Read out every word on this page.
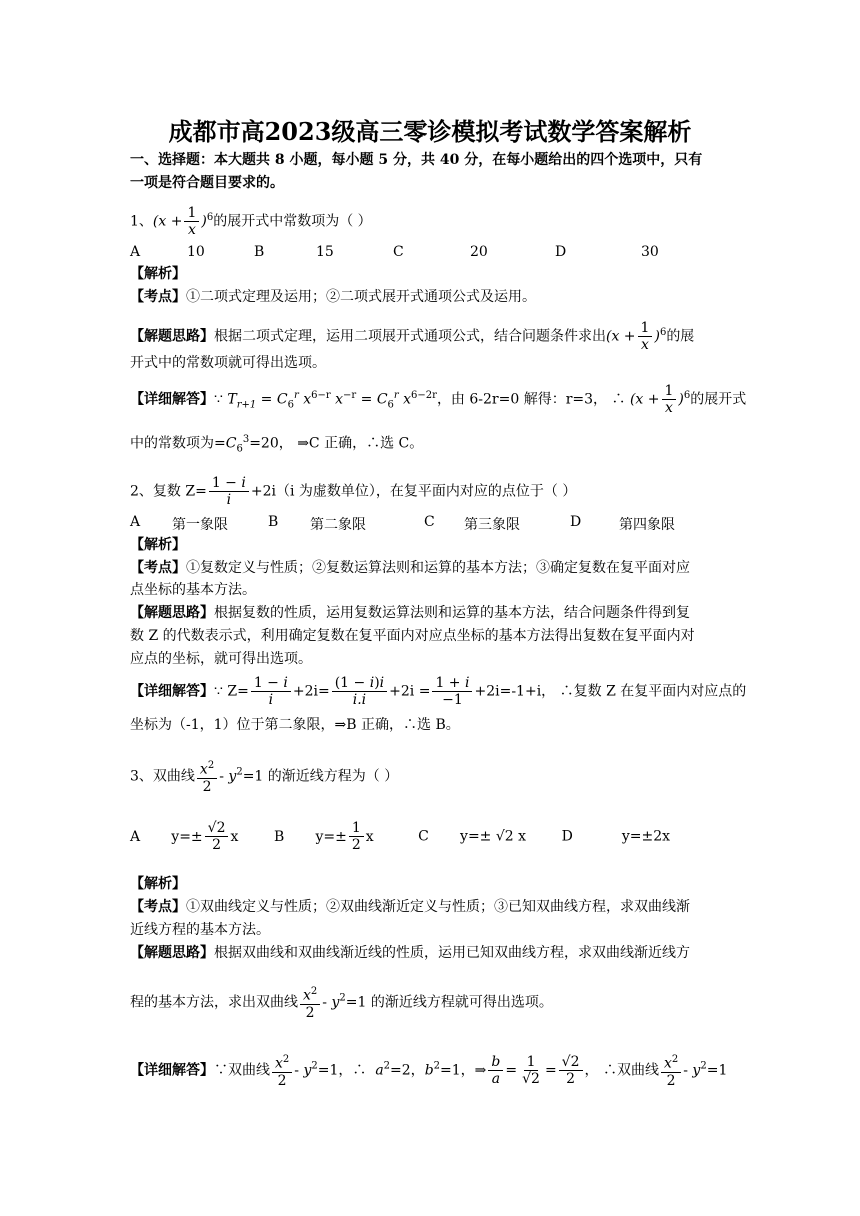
成都市高2023级高三零诊模拟考试数学答案解析
一、选择题：本大题共 8 小题，每小题 5 分，共 40 分，在每小题给出的四个选项中，只有
一项是符合题目要求的。
1、$(x + \frac{1}{x} )^6$的展开式中常数项为（ ）
A	10	B	15	C	20	D	30
【解析】
【考点】①二项式定理及运用；②二项式展开式通项公式及运用。
【解题思路】根据二项式定理，运用二项展开式通项公式，结合问题条件求出$(x + \frac{1}{x} )^6$的展
开式中的常数项就可得出选项。
【详细解答】∵ $T_{r+1} = C_6^r$ $x^{6-r}$ $x^{-r} = C_6^r$ $x^{6-2r}$，由 6-2r=0 解得：r=3， ∴ $(x + \frac{1}{x} )^6$的展开式
中的常数项为$=C_6^3=20$， ⇒C 正确，∴选 C。
2、复数 $Z= \frac{1 - i}{i} +2i(i$ 为虚数单位），在复平面内对应的点位于（ ）
A 第一象限	B 第二象限	C 第三象限	D	第四象限
【解析】
【考点】①复数定义与性质；②复数运算法则和运算的基本方法；③确定复数在复平面对应
点坐标的基本方法。
【解题思路】根据复数的性质，运用复数运算法则和运算的基本方法，结合问题条件得到复
数 Z 的代数表示式，利用确定复数在复平面内对应点坐标的基本方法得出复数在复平面内对
应点的坐标，就可得出选项。
【详细解答】∵ $Z= \frac{1 - i}{i} +2i= \frac{(1 - i)i}{i.i} +2i = \frac{1 + i}{-1} +2i=-1+i$， ∴复数 Z 在复平面内对应点的
坐标为（-1，1）位于第二象限，⇒B 正确，∴选 B。
3、双曲线 $\frac{x^2}{2} - y^2=1$ 的渐近线方程为（ ）
A $y=\pm \frac{√2}{2}$ x	B $y=\pm \frac{1}{2}$ x	C y=± √2 x	D	y=±2x
【解析】
【考点】①双曲线定义与性质；②双曲线渐近定义与性质；③已知双曲线方程，求双曲线渐
近线方程的基本方法。
【解题思路】根据双曲线和双曲线渐近线的性质，运用已知双曲线方程，求双曲线渐近线方
程的基本方法，求出双曲线 $\frac{x^2}{2} - y^2=1$ 的渐近线方程就可得出选项。
【详细解答】∵双曲线 $\frac{x^2}{2} - y^2=1$，∴ $a^2=2$，$b^2=1$，⇒ $\frac{b}{a} = \frac{1}{√2} = \frac{√2}{2}$ ， ∴双曲线 $\frac{x^2}{2} - y^2=1$
